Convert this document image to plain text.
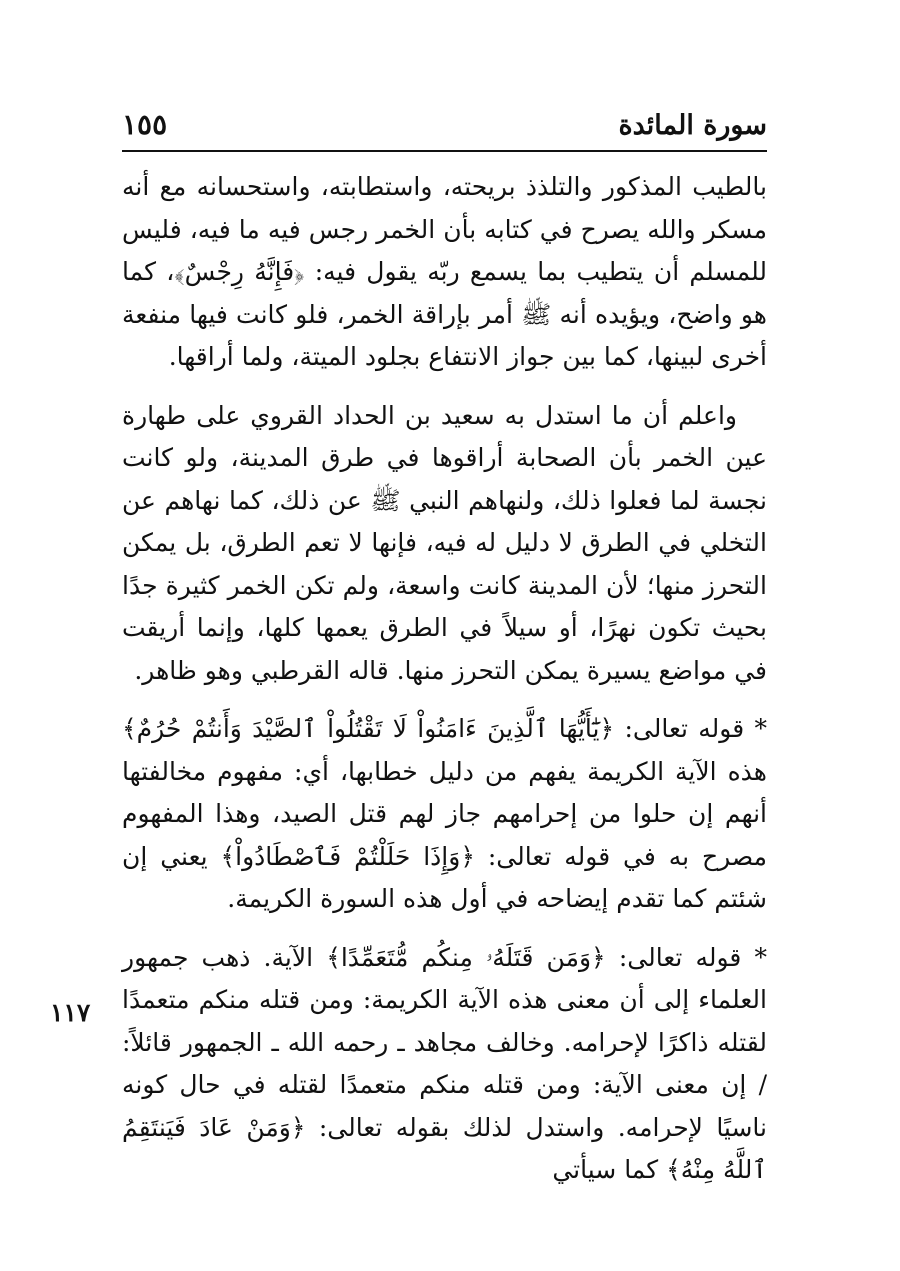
سورة المائدة
١٥٥

بالطيب المذكور والتلذذ بريحته، واستطابته، واستحسانه مع أنه مسكر والله يصرح في كتابه بأن الخمر رجس فيه ما فيه، فليس للمسلم أن يتطيب بما يسمع ربّه يقول فيه: ﴿فَإِنَّهُ رِجْسٌ﴾، كما هو واضح، ويؤيده أنه ﷺ أمر بإراقة الخمر، فلو كانت فيها منفعة أخرى لبينها، كما بين جواز الانتفاع بجلود الميتة، ولما أراقها.

واعلم أن ما استدل به سعيد بن الحداد القروي على طهارة عين الخمر بأن الصحابة أراقوها في طرق المدينة، ولو كانت نجسة لما فعلوا ذلك، ولنهاهم النبي ﷺ عن ذلك، كما نهاهم عن التخلي في الطرق لا دليل له فيه، فإنها لا تعم الطرق، بل يمكن التحرز منها؛ لأن المدينة كانت واسعة، ولم تكن الخمر كثيرة جدًا بحيث تكون نهرًا، أو سيلاً في الطرق يعمها كلها، وإنما أريقت في مواضع يسيرة يمكن التحرز منها. قاله القرطبي وهو ظاهر.

* قوله تعالى: ﴿يَٰٓأَيُّهَا ٱلَّذِينَ ءَامَنُواْ لَا تَقْتُلُواْ ٱلصَّيْدَ وَأَنتُمْ حُرُمٌ﴾ هذه الآية الكريمة يفهم من دليل خطابها، أي: مفهوم مخالفتها أنهم إن حلوا من إحرامهم جاز لهم قتل الصيد، وهذا المفهوم مصرح به في قوله تعالى: ﴿وَإِذَا حَلَلْتُمْ فَٱصْطَادُواْ﴾ يعني إن شئتم كما تقدم إيضاحه في أول هذه السورة الكريمة.

* قوله تعالى: ﴿وَمَن قَتَلَهُۥ مِنكُم مُّتَعَمِّدًا﴾ الآية. ذهب جمهور العلماء إلى أن معنى هذه الآية الكريمة: ومن قتله منكم متعمدًا لقتله ذاكرًا لإحرامه. وخالف مجاهد ـ رحمه الله ـ الجمهور قائلاً: / إن معنى الآية: ومن قتله منكم متعمدًا لقتله في حال كونه ناسيًا لإحرامه. واستدل لذلك بقوله تعالى: ﴿وَمَنْ عَادَ فَيَنتَقِمُ ٱللَّهُ مِنْهُ﴾ كما سيأتي

١١٧
